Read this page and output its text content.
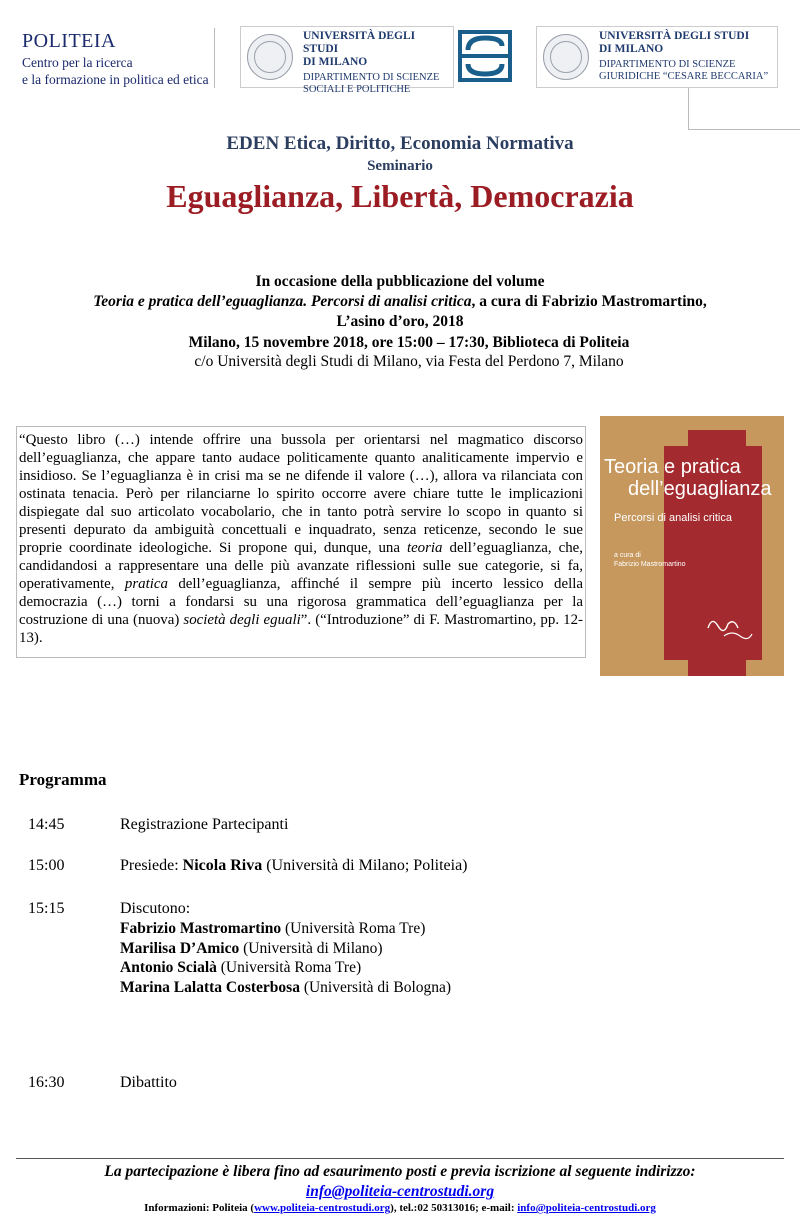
POLITEIA
Centro per la ricerca
e la formazione in politica ed etica
UNIVERSITÀ DEGLI STUDI
DI MILANO
DIPARTIMENTO DI SCIENZE
SOCIALI E POLITICHE
UNIVERSITÀ DEGLI STUDI
DI MILANO
DIPARTIMENTO DI SCIENZE
GIURIDICHE “CESARE BECCARIA”
EDEN Etica, Diritto, Economia Normativa
Seminario
Eguaglianza, Libertà, Democrazia
In occasione della pubblicazione del volume
Teoria e pratica dell’eguaglianza. Percorsi di analisi critica, a cura di Fabrizio Mastromartino,
L’asino d’oro, 2018
Milano, 15 novembre 2018, ore 15:00 – 17:30, Biblioteca di Politeia
c/o Università degli Studi di Milano, via Festa del Perdono 7, Milano
“Questo libro (…) intende offrire una bussola per orientarsi nel magmatico discorso dell’eguaglianza, che appare tanto audace politicamente quanto analiticamente impervio e insidioso. Se l’eguaglianza è in crisi ma se ne difende il valore (…), allora va rilanciata con ostinata tenacia. Però per rilanciarne lo spirito occorre avere chiare tutte le implicazioni dispiegate dal suo articolato vocabolario, che in tanto potrà servire lo scopo in quanto si presenti depurato da ambiguità concettuali e inquadrato, senza reticenze, secondo le sue proprie coordinate ideologiche. Si propone qui, dunque, una teoria dell’eguaglianza, che, candidandosi a rappresentare una delle più avanzate riflessioni sulle sue categorie, si fa, operativamente, pratica dell’eguaglianza, affinché il sempre più incerto lessico della democrazia (…) torni a fondarsi su una rigorosa grammatica dell’eguaglianza per la costruzione di una (nuova) società degli eguali”. (“Introduzione” di F. Mastromartino, pp. 12-13).
Teoria e pratica
dell’eguaglianza
Percorsi di analisi critica
a cura di
Fabrizio Mastromartino
Programma
14:45	Registrazione Partecipanti
15:00	Presiede: Nicola Riva (Università di Milano; Politeia)
15:15	Discutono:
Fabrizio Mastromartino (Università Roma Tre)
Marilisa D’Amico (Università di Milano)
Antonio Scialà (Università Roma Tre)
Marina Lalatta Costerbosa (Università di Bologna)
16:30	Dibattito
La partecipazione è libera fino ad esaurimento posti e previa iscrizione al seguente indirizzo:
info@politeia-centrostudi.org
Informazioni: Politeia (www.politeia-centrostudi.org), tel.:02 50313016; e-mail: info@politeia-centrostudi.org
